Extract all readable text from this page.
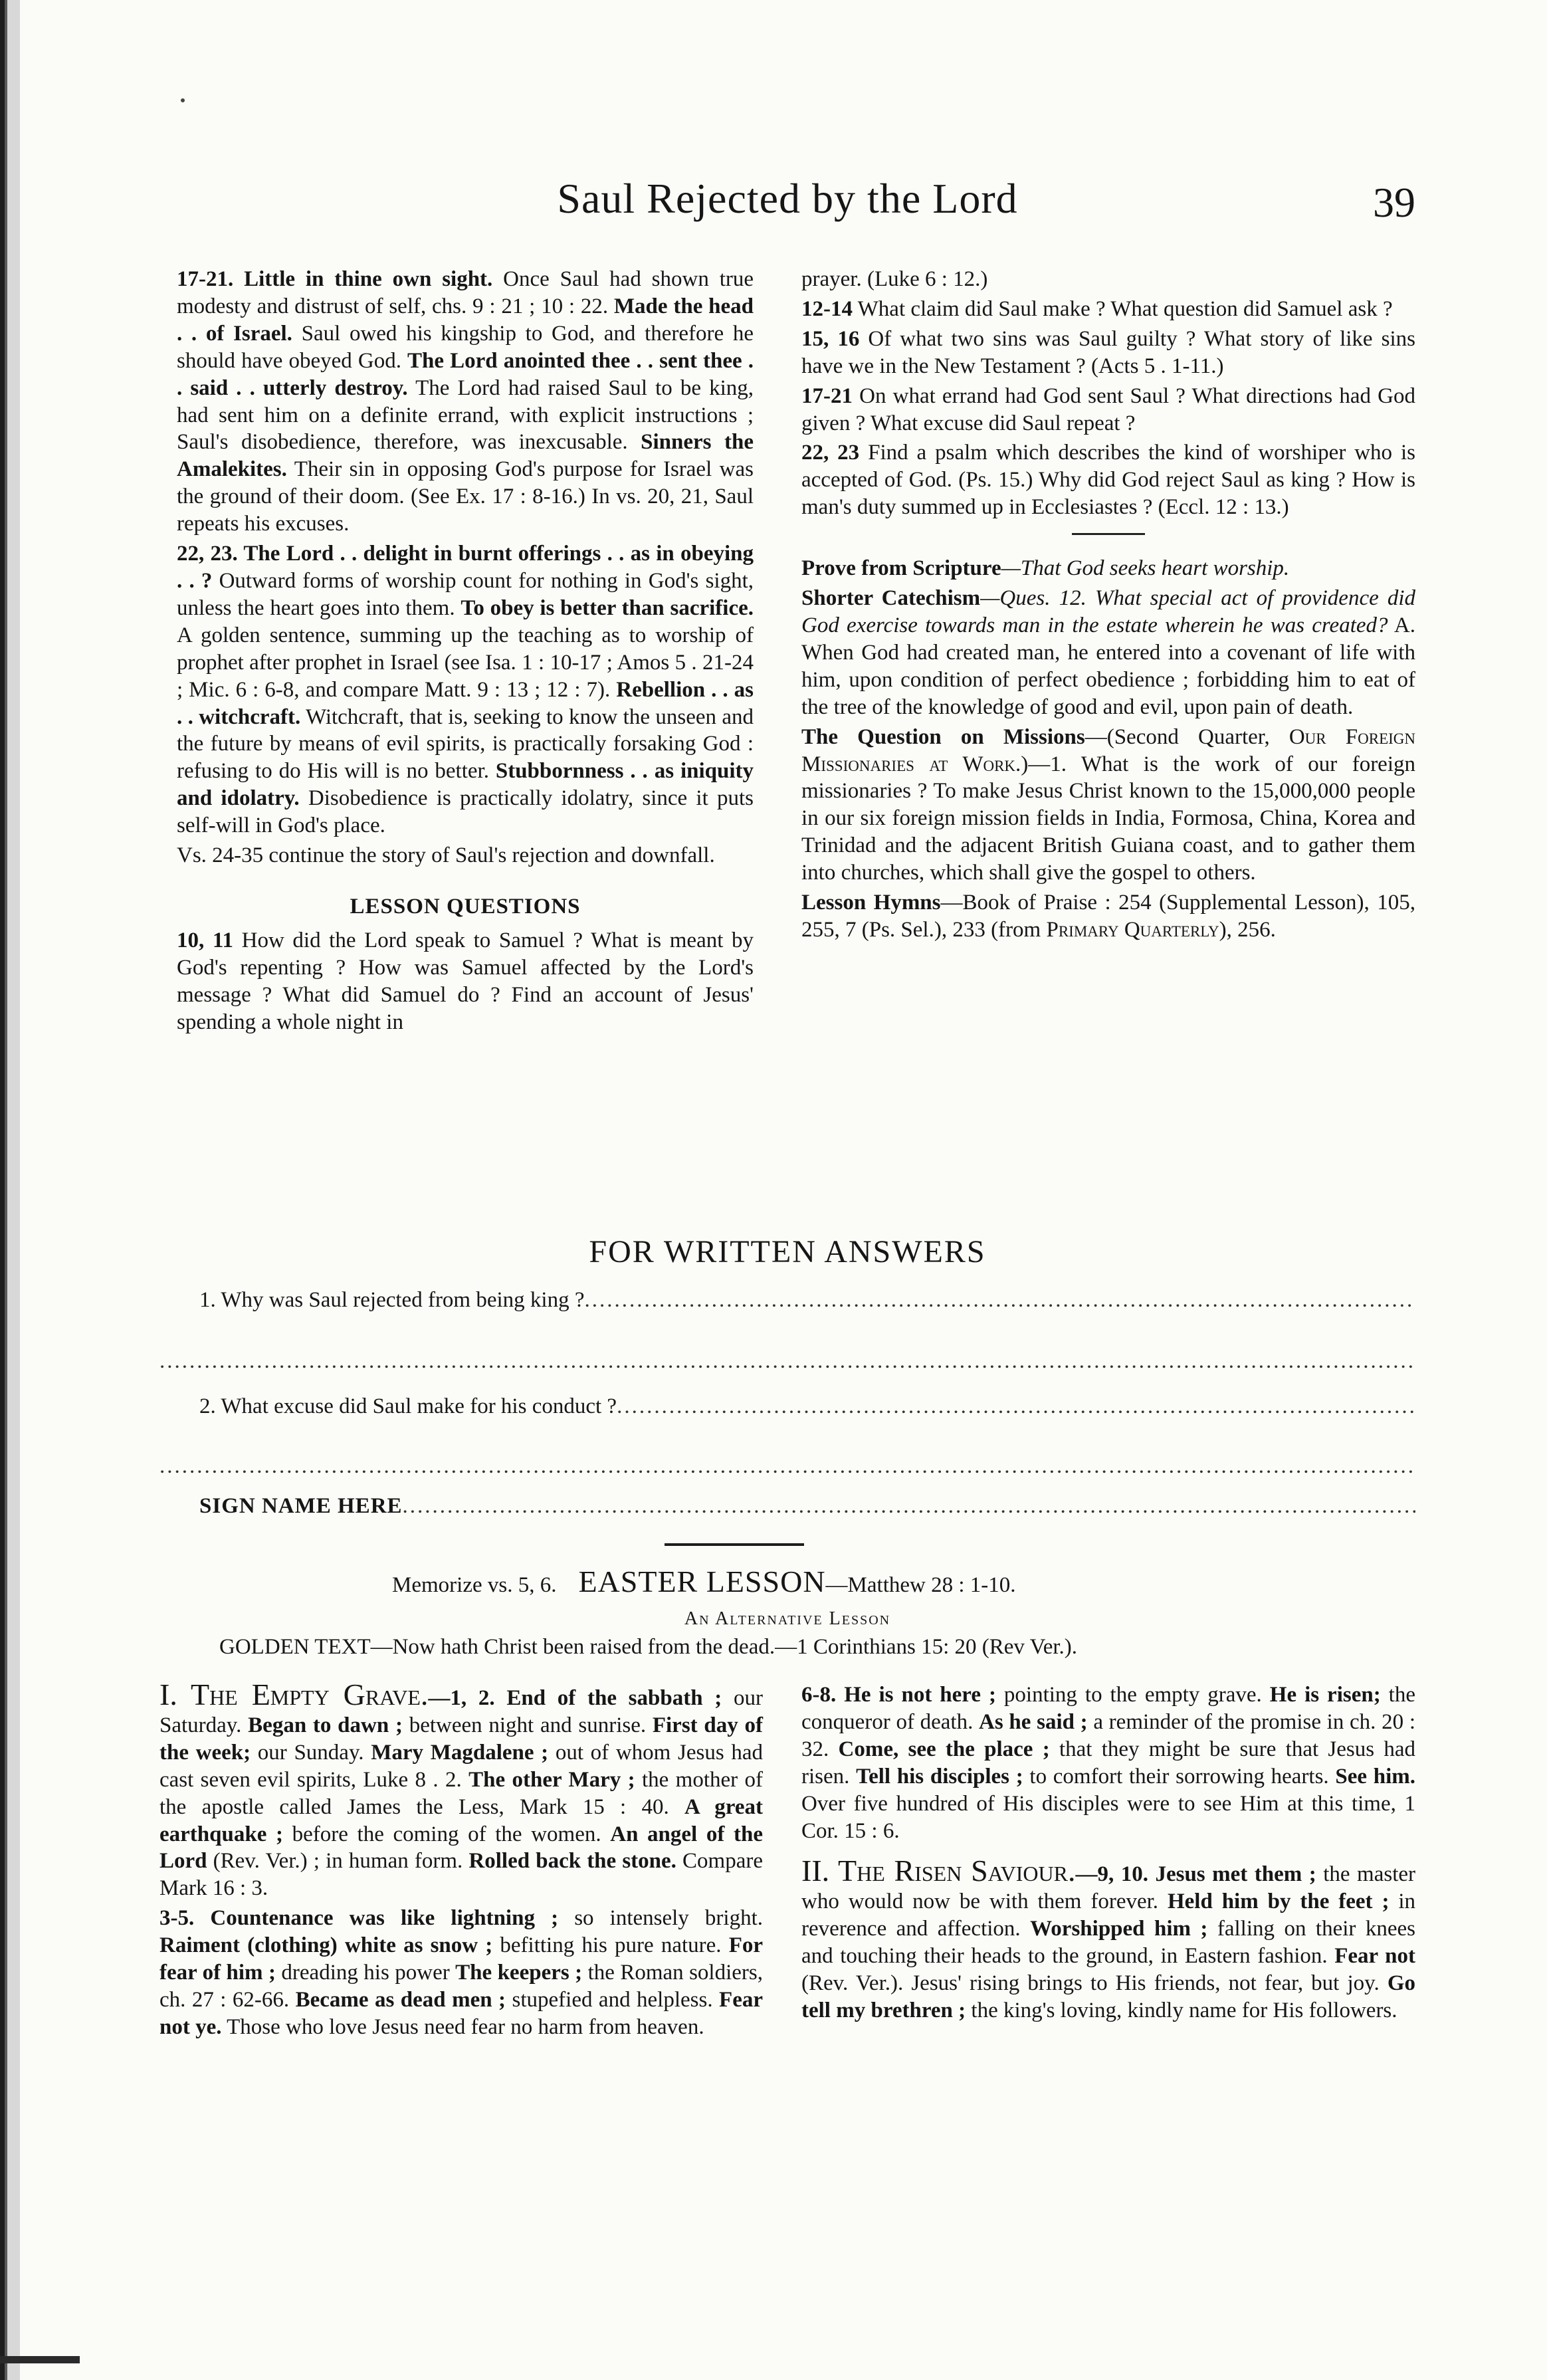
Saul Rejected by the Lord	39

17-21. Little in thine own sight. Once Saul had shown true modesty and distrust of self, chs. 9 : 21 ; 10 : 22. Made the head . . of Israel. Saul owed his kingship to God, and therefore he should have obeyed God. The Lord anointed thee . . sent thee . . said . . utterly destroy. The Lord had raised Saul to be king, had sent him on a definite errand, with explicit instructions ; Saul's disobedience, therefore, was inexcusable. Sinners the Amalekites. Their sin in opposing God's purpose for Israel was the ground of their doom. (See Ex. 17 : 8-16.) In vs. 20, 21, Saul repeats his excuses.

22, 23. The Lord . . delight in burnt offerings . . as in obeying . . ? Outward forms of worship count for nothing in God's sight, unless the heart goes into them. To obey is better than sacrifice. A golden sentence, summing up the teaching as to worship of prophet after prophet in Israel (see Isa. 1 : 10-17 ; Amos 5 . 21-24 ; Mic. 6 : 6-8, and compare Matt. 9 : 13 ; 12 : 7). Rebellion . . as . . witchcraft. Witchcraft, that is, seeking to know the unseen and the future by means of evil spirits, is practically forsaking God : refusing to do His will is no better. Stubbornness . . as iniquity and idolatry. Disobedience is practically idolatry, since it puts self-will in God's place.

Vs. 24-35 continue the story of Saul's rejection and downfall.

LESSON QUESTIONS

10, 11 How did the Lord speak to Samuel ? What is meant by God's repenting ? How was Samuel affected by the Lord's message ? What did Samuel do ? Find an account of Jesus' spending a whole night in

prayer. (Luke 6 : 12.)

12-14 What claim did Saul make ? What question did Samuel ask ?

15, 16 Of what two sins was Saul guilty ? What story of like sins have we in the New Testament ? (Acts 5 . 1-11.)

17-21 On what errand had God sent Saul ? What directions had God given ? What excuse did Saul repeat ?

22, 23 Find a psalm which describes the kind of worshiper who is accepted of God. (Ps. 15.) Why did God reject Saul as king ? How is man's duty summed up in Ecclesiastes ? (Eccl. 12 : 13.)

Prove from Scripture—That God seeks heart worship.

Shorter Catechism—Ques. 12. What special act of providence did God exercise towards man in the estate wherein he was created? A. When God had created man, he entered into a covenant of life with him, upon condition of perfect obedience ; forbidding him to eat of the tree of the knowledge of good and evil, upon pain of death.

The Question on Missions—(Second Quarter, Our Foreign Missionaries at Work.)—1. What is the work of our foreign missionaries ? To make Jesus Christ known to the 15,000,000 people in our six foreign mission fields in India, Formosa, China, Korea and Trinidad and the adjacent British Guiana coast, and to gather them into churches, which shall give the gospel to others.

Lesson Hymns—Book of Praise : 254 (Supplemental Lesson), 105, 255, 7 (Ps. Sel.), 233 (from Primary Quarterly), 256.

FOR WRITTEN ANSWERS
1. Why was Saul rejected from being king ?
.....
.....
2. What excuse did Saul make for his conduct ?
.....
.....
SIGN NAME HERE
.....
Memorize vs. 5, 6. EASTER LESSON—Matthew 28 : 1-10.
An Alternative Lesson
GOLDEN TEXT—Now hath Christ been raised from the dead.—1 Corinthians 15: 20 (Rev Ver.).

I. The Empty Grave.—1, 2. End of the sabbath ; our Saturday. Began to dawn ; between night and sunrise. First day of the week; our Sunday. Mary Magdalene ; out of whom Jesus had cast seven evil spirits, Luke 8 . 2. The other Mary ; the mother of the apostle called James the Less, Mark 15 : 40. A great earthquake ; before the coming of the women. An angel of the Lord (Rev. Ver.) ; in human form. Rolled back the stone. Compare Mark 16 : 3.

3-5. Countenance was like lightning ; so intensely bright. Raiment (clothing) white as snow ; befitting his pure nature. For fear of him ; dreading his power The keepers ; the Roman soldiers, ch. 27 : 62-66. Became as dead men ; stupefied and helpless. Fear not ye. Those who love Jesus need fear no harm from heaven.

6-8. He is not here ; pointing to the empty grave. He is risen; the conqueror of death. As he said ; a reminder of the promise in ch. 20 : 32. Come, see the place ; that they might be sure that Jesus had risen. Tell his disciples ; to comfort their sorrowing hearts. See him. Over five hundred of His disciples were to see Him at this time, 1 Cor. 15 : 6.

II. The Risen Saviour.—9, 10. Jesus met them ; the master who would now be with them forever. Held him by the feet ; in reverence and affection. Worshipped him ; falling on their knees and touching their heads to the ground, in Eastern fashion. Fear not (Rev. Ver.). Jesus' rising brings to His friends, not fear, but joy. Go tell my brethren ; the king's loving, kindly name for His followers.
